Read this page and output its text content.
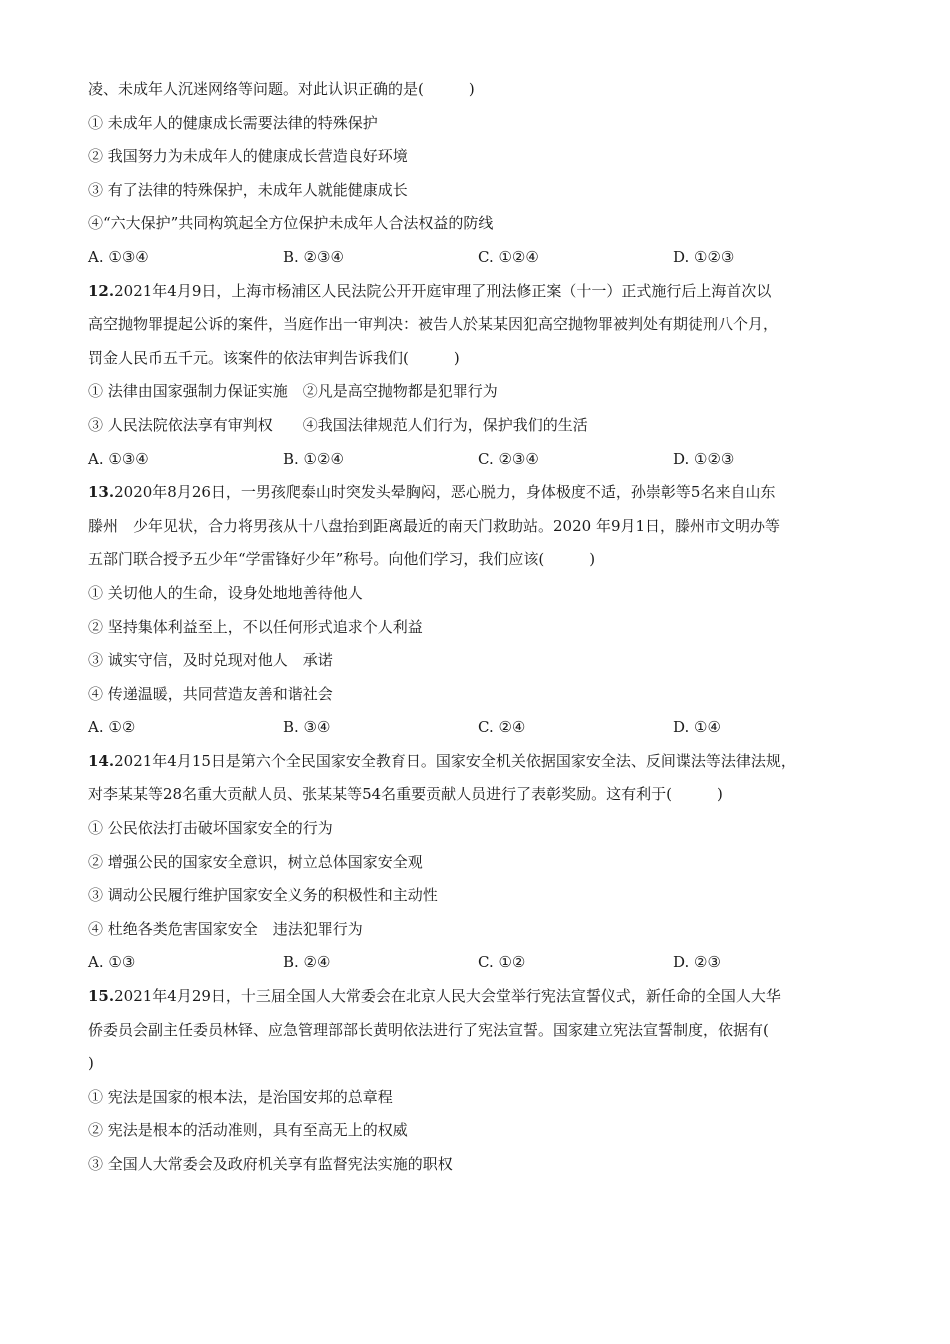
凌、未成年人沉迷网络等问题。对此认识正确的是(　　　)
① 未成年人的健康成长需要法律的特殊保护
② 我国努力为未成年人的健康成长营造良好环境
③ 有了法律的特殊保护，未成年人就能健康成长
④“六大保护”共同构筑起全方位保护未成年人合法权益的防线
A. ①③④	B. ②③④	C. ①②④	D. ①②③
12.2021年4月9日，上海市杨浦区人民法院公开开庭审理了刑法修正案（十一）正式施行后上海首次以
高空抛物罪提起公诉的案件，当庭作出一审判决：被告人於某某因犯高空抛物罪被判处有期徒刑八个月，
罚金人民币五千元。该案件的依法审判告诉我们(　　　)
① 法律由国家强制力保证实施　②凡是高空抛物都是犯罪行为
③ 人民法院依法享有审判权　　④我国法律规范人们行为，保护我们的生活
A. ①③④	B. ①②④	C. ②③④	D. ①②③
13.2020年8月26日，一男孩爬泰山时突发头晕胸闷，恶心脱力，身体极度不适，孙崇彰等5名来自山东
滕州　少年见状，合力将男孩从十八盘抬到距离最近的南天门救助站。2020 年9月1日，滕州市文明办等
五部门联合授予五少年“学雷锋好少年”称号。向他们学习，我们应该(　　　)
① 关切他人的生命，设身处地地善待他人
② 坚持集体利益至上，不以任何形式追求个人利益
③ 诚实守信，及时兑现对他人　承诺
④ 传递温暖，共同营造友善和谐社会
A. ①②	B. ③④	C. ②④	D. ①④
14.2021年4月15日是第六个全民国家安全教育日。国家安全机关依据国家安全法、反间谍法等法律法规，
对李某某等28名重大贡献人员、张某某等54名重要贡献人员进行了表彰奖励。这有利于(　　　)
① 公民依法打击破坏国家安全的行为
② 增强公民的国家安全意识，树立总体国家安全观
③ 调动公民履行维护国家安全义务的积极性和主动性
④ 杜绝各类危害国家安全　违法犯罪行为
A. ①③	B. ②④	C. ①②	D. ②③
15.2021年4月29日，十三届全国人大常委会在北京人民大会堂举行宪法宣誓仪式，新任命的全国人大华
侨委员会副主任委员林铎、应急管理部部长黄明依法进行了宪法宣誓。国家建立宪法宣誓制度，依据有(
)
① 宪法是国家的根本法，是治国安邦的总章程
② 宪法是根本的活动准则，具有至高无上的权威
③ 全国人大常委会及政府机关享有监督宪法实施的职权
